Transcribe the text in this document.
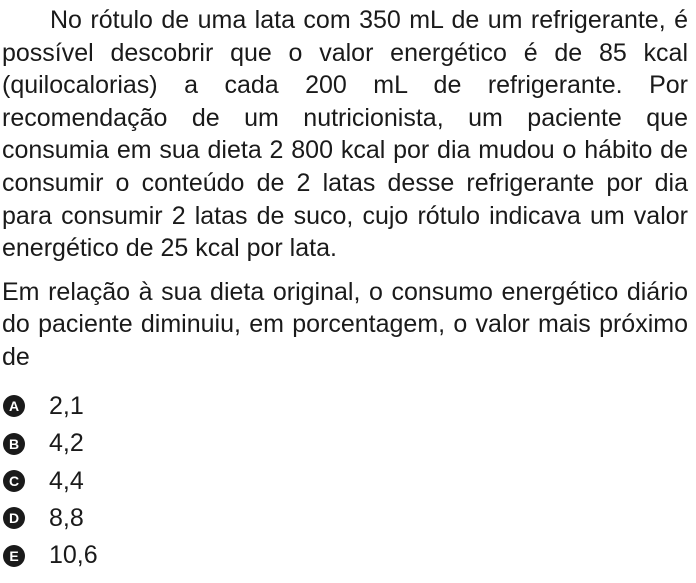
No rótulo de uma lata com 350 mL de um refrigerante, é possível descobrir que o valor energético é de 85 kcal (quilocalorias) a cada 200 mL de refrigerante. Por recomendação de um nutricionista, um paciente que consumia em sua dieta 2 800 kcal por dia mudou o hábito de consumir o conteúdo de 2 latas desse refrigerante por dia para consumir 2 latas de suco, cujo rótulo indicava um valor energético de 25 kcal por lata.

Em relação à sua dieta original, o consumo energético diário do paciente diminuiu, em porcentagem, o valor mais próximo de

A 2,1
B 4,2
C 4,4
D 8,8
E 10,6
